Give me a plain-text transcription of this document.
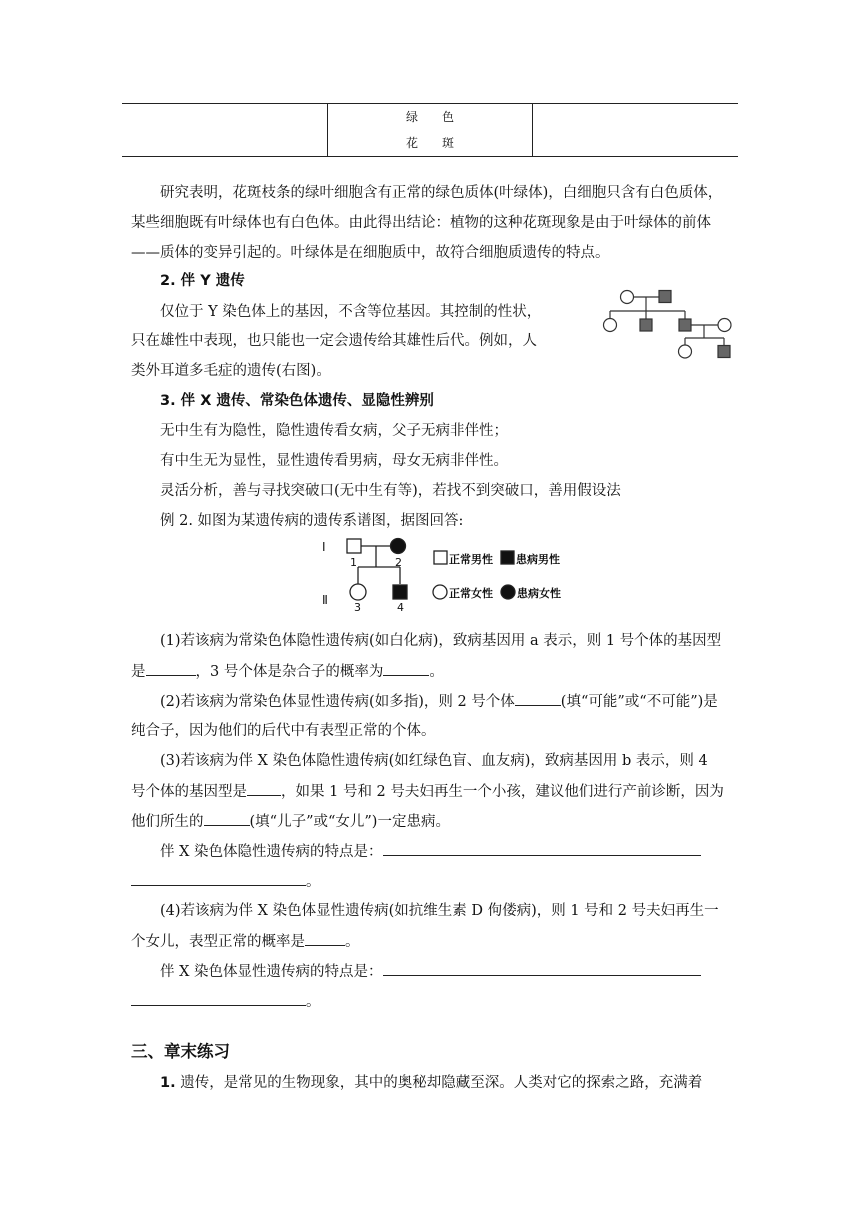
绿　　色
花　　斑

研究表明，花斑枝条的绿叶细胞含有正常的绿色质体(叶绿体)，白细胞只含有白色质体，
某些细胞既有叶绿体也有白色体。由此得出结论：植物的这种花斑现象是由于叶绿体的前体
——质体的变异引起的。叶绿体是在细胞质中，故符合细胞质遗传的特点。
2. 伴 Y 遗传
仅位于 Y 染色体上的基因，不含等位基因。其控制的性状，
只在雄性中表现，也只能也一定会遗传给其雄性后代。例如，人
类外耳道多毛症的遗传(右图)。
3. 伴 X 遗传、常染色体遗传、显隐性辨别
无中生有为隐性，隐性遗传看女病，父子无病非伴性；
有中生无为显性，显性遗传看男病，母女无病非伴性。
灵活分析，善与寻找突破口(无中生有等)，若找不到突破口，善用假设法
例 2. 如图为某遗传病的遗传系谱图，据图回答:
Ⅰ
Ⅱ
1	2
3	4
正常男性 患病男性
正常女性 患病女性
(1)若该病为常染色体隐性遗传病(如白化病)，致病基因用 a 表示，则 1 号个体的基因型
是	，3 号个体是杂合子的概率为	。
(2)若该病为常染色体显性遗传病(如多指)，则 2 号个体	(填“可能”或“不可能”)是
纯合子，因为他们的后代中有表型正常的个体。
(3)若该病为伴 X 染色体隐性遗传病(如红绿色盲、血友病)，致病基因用 b 表示，则 4
号个体的基因型是 ，如果 1 号和 2 号夫妇再生一个小孩，建议他们进行产前诊断，因为
他们所生的	(填“儿子”或“女儿”)一定患病。
伴 X 染色体隐性遗传病的特点是：
。
(4)若该病为伴 X 染色体显性遗传病(如抗维生素 D 佝偻病)，则 1 号和 2 号夫妇再生一
个女儿，表型正常的概率是	。
伴 X 染色体显性遗传病的特点是：
。
三、章末练习
1. 遗传，是常见的生物现象，其中的奥秘却隐藏至深。人类对它的探索之路，充满着
